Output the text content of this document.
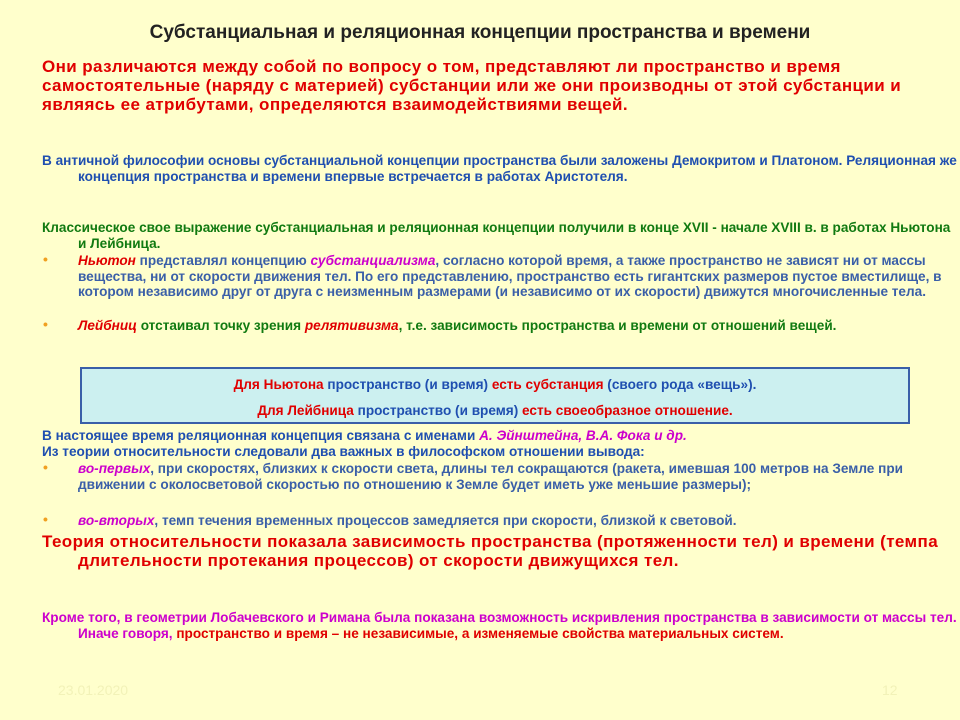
Субстанциальная и реляционная концепции пространства и времени
Они различаются между собой по вопросу о том, представляют ли пространство и время самостоятельные (наряду с материей) субстанции или же они производны от этой субстанции и являясь ее атрибутами, определяются взаимодействиями вещей.
В античной философии основы субстанциальной концепции пространства были заложены Демокритом и Платоном. Реляционная же концепция пространства и времени впервые встречается в работах Аристотеля.
Классическое свое выражение субстанциальная и реляционная концепции получили в конце XVII - начале XVIII в. в работах Ньютона и Лейбница.
• Ньютон представлял концепцию субстанциализма, согласно которой время, а также пространство не зависят ни от массы вещества, ни от скорости движения тел. По его представлению, пространство есть гигантских размеров пустое вместилище, в котором независимо друг от друга с неизменным размерами (и независимо от их скорости) движутся многочисленные тела.
• Лейбниц отстаивал точку зрения релятивизма, т.е. зависимость пространства и времени от отношений вещей.
Для Ньютона пространство (и время) есть субстанция (своего рода «вещь»).
Для Лейбница пространство (и время) есть своеобразное отношение.
В настоящее время реляционная концепция связана с именами А. Эйнштейна, В.А. Фока и др.
Из теории относительности следовали два важных в философском отношении вывода:
• во-первых, при скоростях, близких к скорости света, длины тел сокращаются (ракета, имевшая 100 метров на Земле при движении с околосветовой скоростью по отношению к Земле будет иметь уже меньшие размеры);
• во-вторых, темп течения временных процессов замедляется при скорости, близкой к световой.
Теория относительности показала зависимость пространства (протяженности тел) и времени (темпа длительности протекания процессов) от скорости движущихся тел.
Кроме того, в геометрии Лобачевского и Римана была показана возможность искривления пространства в зависимости от массы тел. Иначе говоря, пространство и время – не независимые, а изменяемые свойства материальных систем.
23.01.2020	12
